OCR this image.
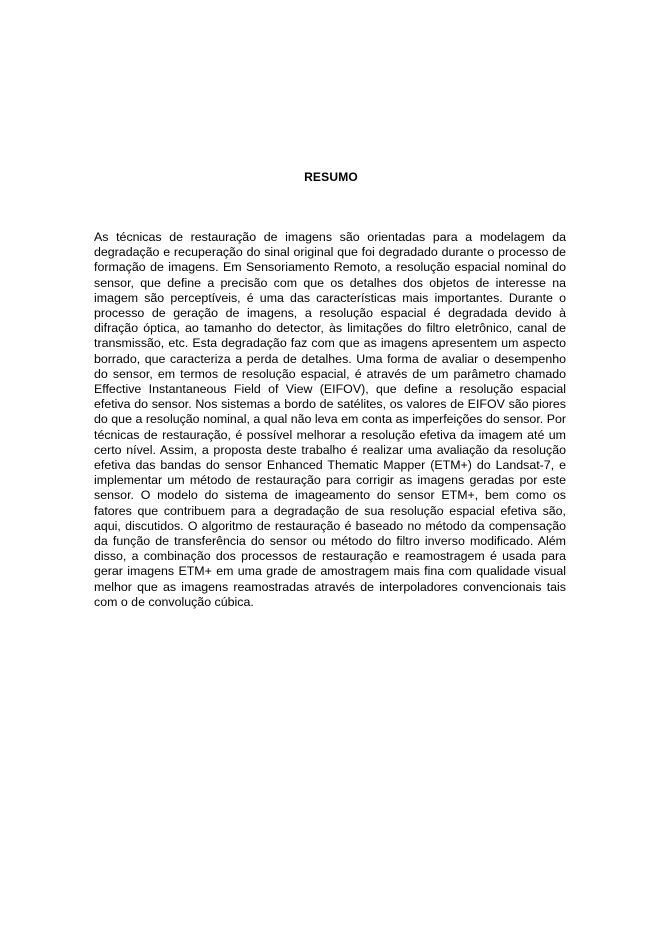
RESUMO

As técnicas de restauração de imagens são orientadas para a modelagem da degradação e recuperação do sinal original que foi degradado durante o processo de formação de imagens. Em Sensoriamento Remoto, a resolução espacial nominal do sensor, que define a precisão com que os detalhes dos objetos de interesse na imagem são perceptíveis, é uma das características mais importantes. Durante o processo de geração de imagens, a resolução espacial é degradada devido à difração óptica, ao tamanho do detector, às limitações do filtro eletrônico, canal de transmissão, etc. Esta degradação faz com que as imagens apresentem um aspecto borrado, que caracteriza a perda de detalhes. Uma forma de avaliar o desempenho do sensor, em termos de resolução espacial, é através de um parâmetro chamado Effective Instantaneous Field of View (EIFOV), que define a resolução espacial efetiva do sensor. Nos sistemas a bordo de satélites, os valores de EIFOV são piores do que a resolução nominal, a qual não leva em conta as imperfeições do sensor. Por técnicas de restauração, é possível melhorar a resolução efetiva da imagem até um certo nível. Assim, a proposta deste trabalho é realizar uma avaliação da resolução efetiva das bandas do sensor Enhanced Thematic Mapper (ETM+) do Landsat-7, e implementar um método de restauração para corrigir as imagens geradas por este sensor. O modelo do sistema de imageamento do sensor ETM+, bem como os fatores que contribuem para a degradação de sua resolução espacial efetiva são, aqui, discutidos. O algoritmo de restauração é baseado no método da compensação da função de transferência do sensor ou método do filtro inverso modificado. Além disso, a combinação dos processos de restauração e reamostragem é usada para gerar imagens ETM+ em uma grade de amostragem mais fina com qualidade visual melhor que as imagens reamostradas através de interpoladores convencionais tais com o de convolução cúbica.
